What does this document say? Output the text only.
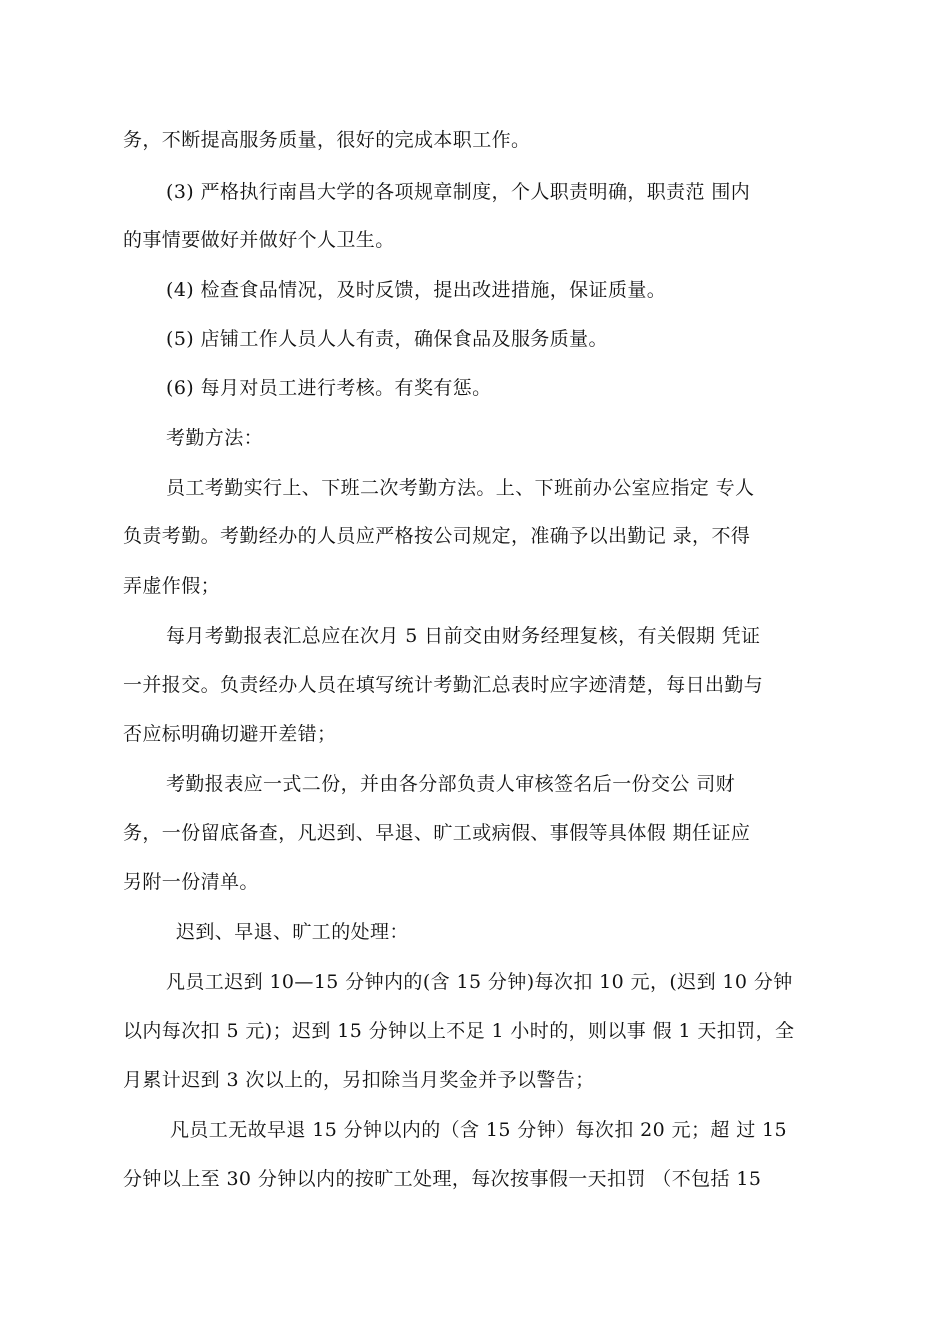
务，不断提高服务质量，很好的完成本职工作。
(3) 严格执行南昌大学的各项规章制度，个人职责明确，职责范 围内
的事情要做好并做好个人卫生。
(4) 检查食品情况，及时反馈，提出改进措施，保证质量。
(5) 店铺工作人员人人有责，确保食品及服务质量。
(6) 每月对员工进行考核。有奖有惩。
考勤方法：
员工考勤实行上、下班二次考勤方法。上、下班前办公室应指定 专人
负责考勤。考勤经办的人员应严格按公司规定，准确予以出勤记 录，不得
弄虚作假；
每月考勤报表汇总应在次月 5 日前交由财务经理复核，有关假期 凭证
一并报交。负责经办人员在填写统计考勤汇总表时应字迹清楚，每日出勤与
否应标明确切避开差错；
考勤报表应一式二份，并由各分部负责人审核签名后一份交公 司财
务，一份留底备查，凡迟到、早退、旷工或病假、事假等具体假 期任证应
另附一份清单。
迟到、早退、旷工的处理：
凡员工迟到 10—15 分钟内的(含 15 分钟)每次扣 10 元，(迟到 10 分钟
以内每次扣 5 元)；迟到 15 分钟以上不足 1 小时的，则以事 假 1 天扣罚，全
月累计迟到 3 次以上的，另扣除当月奖金并予以警告；
凡员工无故早退 15 分钟以内的（含 15 分钟）每次扣 20 元；超 过 15
分钟以上至 30 分钟以内的按旷工处理，每次按事假一天扣罚 （不包括 15
